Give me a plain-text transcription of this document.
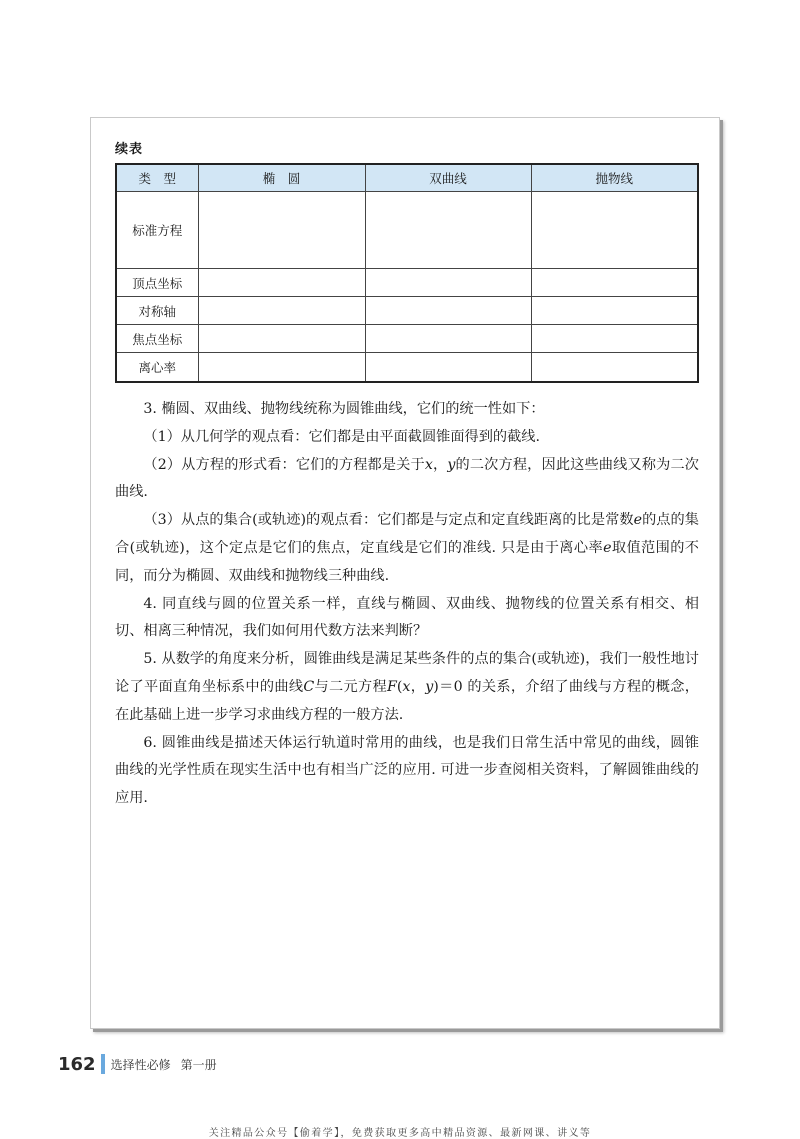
续表
类　型	椭　圆	双曲线	抛物线
标准方程			
顶点坐标			
对称轴			
焦点坐标			
离心率			

3. 椭圆、双曲线、抛物线统称为圆锥曲线，它们的统一性如下：

（1）从几何学的观点看：它们都是由平面截圆锥面得到的截线.

（2）从方程的形式看：它们的方程都是关于x，y的二次方程，因此这些曲线又称为二次曲线.

（3）从点的集合(或轨迹)的观点看：它们都是与定点和定直线距离的比是常数e的点的集合(或轨迹)，这个定点是它们的焦点，定直线是它们的准线. 只是由于离心率e取值范围的不同，而分为椭圆、双曲线和抛物线三种曲线.

4. 同直线与圆的位置关系一样，直线与椭圆、双曲线、抛物线的位置关系有相交、相切、相离三种情况，我们如何用代数方法来判断？

5. 从数学的角度来分析，圆锥曲线是满足某些条件的点的集合(或轨迹)，我们一般性地讨论了平面直角坐标系中的曲线C与二元方程F(x，y)＝0 的关系，介绍了曲线与方程的概念，在此基础上进一步学习求曲线方程的一般方法.

6. 圆锥曲线是描述天体运行轨道时常用的曲线，也是我们日常生活中常见的曲线，圆锥曲线的光学性质在现实生活中也有相当广泛的应用. 可进一步查阅相关资料，了解圆锥曲线的应用.

162 选择性必修 第一册
关注精品公众号【偷着学】，免费获取更多高中精品资源、最新网课、讲义等
